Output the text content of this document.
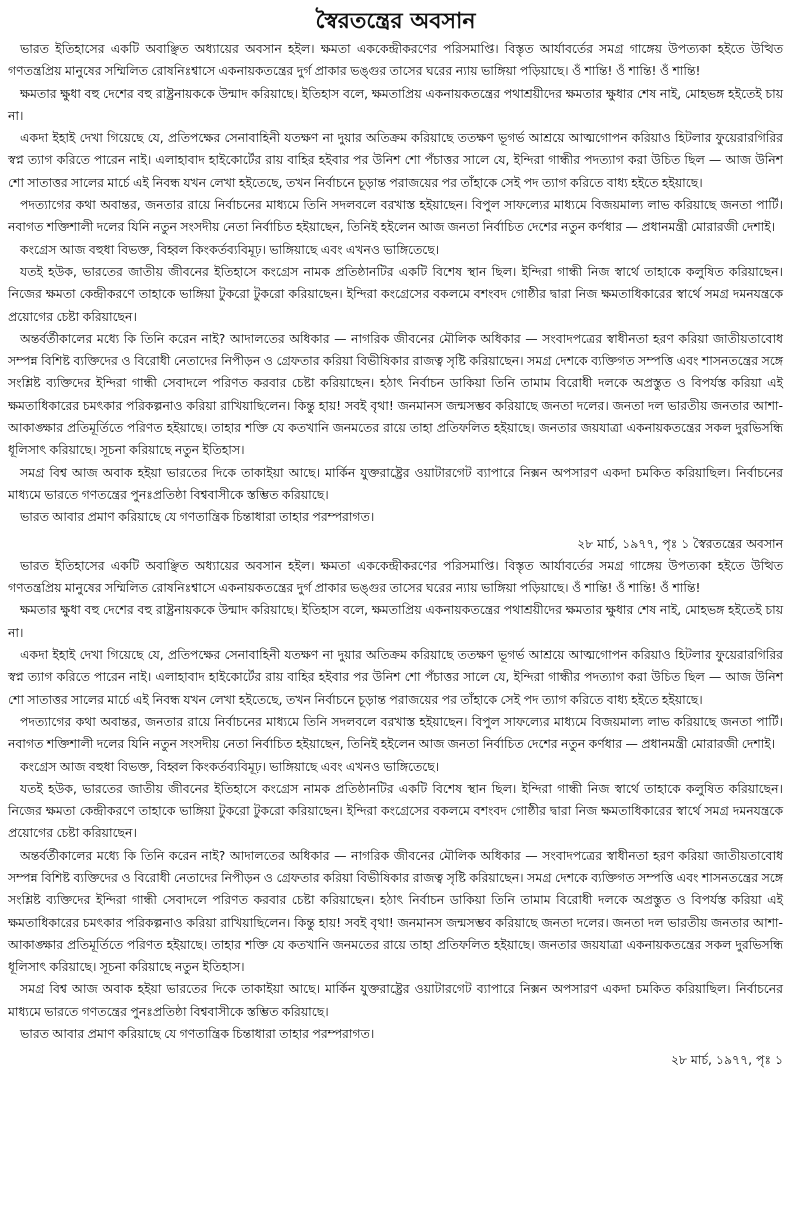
স্বৈরতন্ত্রের অবসান

ভারত ইতিহাসের একটি অবাঞ্ছিত অধ্যায়ের অবসান হইল। ক্ষমতা এককেন্দ্রীকরণের পরিসমাপ্তি। বিস্তৃত আর্যাবর্তের সমগ্র গাঙ্গেয় উপত্যকা হইতে উত্থিত গণতন্ত্রপ্রিয় মানুষের সম্মিলিত রোষনিঃশ্বাসে একনায়কতন্ত্রের দুর্গ প্রাকার ভঙ্গুর তাসের ঘরের ন্যায় ভাঙ্গিয়া পড়িয়াছে। ওঁ শান্তি! ওঁ শান্তি! ওঁ শান্তি!

ক্ষমতার ক্ষুধা বহু দেশের বহু রাষ্ট্রনায়ককে উন্মাদ করিয়াছে। ইতিহাস বলে, ক্ষমতাপ্রিয় একনায়কতন্ত্রের পথাশ্রয়ীদের ক্ষমতার ক্ষুধার শেষ নাই, মোহভঙ্গ হইতেই চায় না।

একদা ইহাই দেখা গিয়েছে যে, প্রতিপক্ষের সেনাবাহিনী যতক্ষণ না দুয়ার অতিক্রম করিয়াছে ততক্ষণ ভূগর্ভ আশ্রয়ে আত্মগোপন করিয়াও হিটলার ফুয়েরারগিরির স্বপ্ন ত্যাগ করিতে পারেন নাই। এলাহাবাদ হাইকোর্টের রায় বাহির হইবার পর উনিশ শো পঁচাত্তর সালে যে, ইন্দিরা গান্ধীর পদত্যাগ করা উচিত ছিল — আজ উনিশ শো সাতাত্তর সালের মার্চে এই নিবন্ধ যখন লেখা হইতেছে, তখন নির্বাচনে চূড়ান্ত পরাজয়ের পর তাঁহাকে সেই পদ ত্যাগ করিতে বাধ্য হইতে হইয়াছে।

পদত্যাগের কথা অবান্তর, জনতার রায়ে নির্বাচনের মাধ্যমে তিনি সদলবলে বরখাস্ত হইয়াছেন। বিপুল সাফল্যের মাধ্যমে বিজয়মাল্য লাভ করিয়াছে জনতা পার্টি। নবাগত শক্তিশালী দলের যিনি নতুন সংসদীয় নেতা নির্বাচিত হইয়াছেন, তিনিই হইলেন আজ জনতা নির্বাচিত দেশের নতুন কর্ণধার — প্রধানমন্ত্রী মোরারজী দেশাই।

কংগ্রেস আজ বহুধা বিভক্ত, বিহ্বল কিংকর্তব্যবিমূঢ়। ভাঙ্গিয়াছে এবং এখনও ভাঙ্গিতেছে।

যতই হউক, ভারতের জাতীয় জীবনের ইতিহাসে কংগ্রেস নামক প্রতিষ্ঠানটির একটি বিশেষ স্থান ছিল। ইন্দিরা গান্ধী নিজ স্বার্থে তাহাকে কলুষিত করিয়াছেন। নিজের ক্ষমতা কেন্দ্রীকরণে তাহাকে ভাঙ্গিয়া টুকরো টুকরো করিয়াছেন। ইন্দিরা কংগ্রেসের বকলমে বশংবদ গোষ্ঠীর দ্বারা নিজ ক্ষমতাধিকারের স্বার্থে সমগ্র দমনযন্ত্রকে প্রয়োগের চেষ্টা করিয়াছেন।

অন্তর্বর্তীকালের মধ্যে কি তিনি করেন নাই? আদালতের অধিকার — নাগরিক জীবনের মৌলিক অধিকার — সংবাদপত্রের স্বাধীনতা হরণ করিয়া জাতীয়তাবোধ সম্পন্ন বিশিষ্ট ব্যক্তিদের ও বিরোধী নেতাদের নিপীড়ন ও গ্রেফতার করিয়া বিভীষিকার রাজত্ব সৃষ্টি করিয়াছেন। সমগ্র দেশকে ব্যক্তিগত সম্পত্তি এবং শাসনতন্ত্রের সঙ্গে সংশ্লিষ্ট ব্যক্তিদের ইন্দিরা গান্ধী সেবাদলে পরিণত করবার চেষ্টা করিয়াছেন। হঠাৎ নির্বাচন ডাকিয়া তিনি তামাম বিরোধী দলকে অপ্রস্তুত ও বিপর্যস্ত করিয়া এই ক্ষমতাধিকারের চমৎকার পরিকল্পনাও করিয়া রাখিয়াছিলেন। কিন্তু হায়! সবই বৃথা! জনমানস জন্মসম্ভব করিয়াছে জনতা দলের। জনতা দল ভারতীয় জনতার আশা-আকাঙ্ক্ষার প্রতিমূর্তিতে পরিণত হইয়াছে। তাহার শক্তি যে কতখানি জনমতের রায়ে তাহা প্রতিফলিত হইয়াছে। জনতার জয়যাত্রা একনায়কতন্ত্রের সকল দুরভিসন্ধি ধূলিসাৎ করিয়াছে। সূচনা করিয়াছে নতুন ইতিহাস।

সমগ্র বিশ্ব আজ অবাক হইয়া ভারতের দিকে তাকাইয়া আছে। মার্কিন যুক্তরাষ্ট্রের ওয়াটারগেট ব্যাপারে নিক্সন অপসারণ একদা চমকিত করিয়াছিল। নির্বাচনের মাধ্যমে ভারতে গণতন্ত্রের পুনঃপ্রতিষ্ঠা বিশ্ববাসীকে স্তম্ভিত করিয়াছে।

ভারত আবার প্রমাণ করিয়াছে যে গণতান্ত্রিক চিন্তাধারা তাহার পরম্পরাগত।

২৮ মার্চ, ১৯৭৭, পৃঃ ১ স্বৈরতন্ত্রের অবসান

ভারত ইতিহাসের একটি অবাঞ্ছিত অধ্যায়ের অবসান হইল। ক্ষমতা এককেন্দ্রীকরণের পরিসমাপ্তি। বিস্তৃত আর্যাবর্তের সমগ্র গাঙ্গেয় উপত্যকা হইতে উত্থিত গণতন্ত্রপ্রিয় মানুষের সম্মিলিত রোষনিঃশ্বাসে একনায়কতন্ত্রের দুর্গ প্রাকার ভঙ্গুর তাসের ঘরের ন্যায় ভাঙ্গিয়া পড়িয়াছে। ওঁ শান্তি! ওঁ শান্তি! ওঁ শান্তি!

ক্ষমতার ক্ষুধা বহু দেশের বহু রাষ্ট্রনায়ককে উন্মাদ করিয়াছে। ইতিহাস বলে, ক্ষমতাপ্রিয় একনায়কতন্ত্রের পথাশ্রয়ীদের ক্ষমতার ক্ষুধার শেষ নাই, মোহভঙ্গ হইতেই চায় না।

একদা ইহাই দেখা গিয়েছে যে, প্রতিপক্ষের সেনাবাহিনী যতক্ষণ না দুয়ার অতিক্রম করিয়াছে ততক্ষণ ভূগর্ভ আশ্রয়ে আত্মগোপন করিয়াও হিটলার ফুয়েরারগিরির স্বপ্ন ত্যাগ করিতে পারেন নাই। এলাহাবাদ হাইকোর্টের রায় বাহির হইবার পর উনিশ শো পঁচাত্তর সালে যে, ইন্দিরা গান্ধীর পদত্যাগ করা উচিত ছিল — আজ উনিশ শো সাতাত্তর সালের মার্চে এই নিবন্ধ যখন লেখা হইতেছে, তখন নির্বাচনে চূড়ান্ত পরাজয়ের পর তাঁহাকে সেই পদ ত্যাগ করিতে বাধ্য হইতে হইয়াছে।

পদত্যাগের কথা অবান্তর, জনতার রায়ে নির্বাচনের মাধ্যমে তিনি সদলবলে বরখাস্ত হইয়াছেন। বিপুল সাফল্যের মাধ্যমে বিজয়মাল্য লাভ করিয়াছে জনতা পার্টি। নবাগত শক্তিশালী দলের যিনি নতুন সংসদীয় নেতা নির্বাচিত হইয়াছেন, তিনিই হইলেন আজ জনতা নির্বাচিত দেশের নতুন কর্ণধার — প্রধানমন্ত্রী মোরারজী দেশাই।

কংগ্রেস আজ বহুধা বিভক্ত, বিহ্বল কিংকর্তব্যবিমূঢ়। ভাঙ্গিয়াছে এবং এখনও ভাঙ্গিতেছে।

যতই হউক, ভারতের জাতীয় জীবনের ইতিহাসে কংগ্রেস নামক প্রতিষ্ঠানটির একটি বিশেষ স্থান ছিল। ইন্দিরা গান্ধী নিজ স্বার্থে তাহাকে কলুষিত করিয়াছেন। নিজের ক্ষমতা কেন্দ্রীকরণে তাহাকে ভাঙ্গিয়া টুকরো টুকরো করিয়াছেন। ইন্দিরা কংগ্রেসের বকলমে বশংবদ গোষ্ঠীর দ্বারা নিজ ক্ষমতাধিকারের স্বার্থে সমগ্র দমনযন্ত্রকে প্রয়োগের চেষ্টা করিয়াছেন।

অন্তর্বর্তীকালের মধ্যে কি তিনি করেন নাই? আদালতের অধিকার — নাগরিক জীবনের মৌলিক অধিকার — সংবাদপত্রের স্বাধীনতা হরণ করিয়া জাতীয়তাবোধ সম্পন্ন বিশিষ্ট ব্যক্তিদের ও বিরোধী নেতাদের নিপীড়ন ও গ্রেফতার করিয়া বিভীষিকার রাজত্ব সৃষ্টি করিয়াছেন। সমগ্র দেশকে ব্যক্তিগত সম্পত্তি এবং শাসনতন্ত্রের সঙ্গে সংশ্লিষ্ট ব্যক্তিদের ইন্দিরা গান্ধী সেবাদলে পরিণত করবার চেষ্টা করিয়াছেন। হঠাৎ নির্বাচন ডাকিয়া তিনি তামাম বিরোধী দলকে অপ্রস্তুত ও বিপর্যস্ত করিয়া এই ক্ষমতাধিকারের চমৎকার পরিকল্পনাও করিয়া রাখিয়াছিলেন। কিন্তু হায়! সবই বৃথা! জনমানস জন্মসম্ভব করিয়াছে জনতা দলের। জনতা দল ভারতীয় জনতার আশা-আকাঙ্ক্ষার প্রতিমূর্তিতে পরিণত হইয়াছে। তাহার শক্তি যে কতখানি জনমতের রায়ে তাহা প্রতিফলিত হইয়াছে। জনতার জয়যাত্রা একনায়কতন্ত্রের সকল দুরভিসন্ধি ধূলিসাৎ করিয়াছে। সূচনা করিয়াছে নতুন ইতিহাস।

সমগ্র বিশ্ব আজ অবাক হইয়া ভারতের দিকে তাকাইয়া আছে। মার্কিন যুক্তরাষ্ট্রের ওয়াটারগেট ব্যাপারে নিক্সন অপসারণ একদা চমকিত করিয়াছিল। নির্বাচনের মাধ্যমে ভারতে গণতন্ত্রের পুনঃপ্রতিষ্ঠা বিশ্ববাসীকে স্তম্ভিত করিয়াছে।

ভারত আবার প্রমাণ করিয়াছে যে গণতান্ত্রিক চিন্তাধারা তাহার পরম্পরাগত।

২৮ মার্চ, ১৯৭৭, পৃঃ ১
